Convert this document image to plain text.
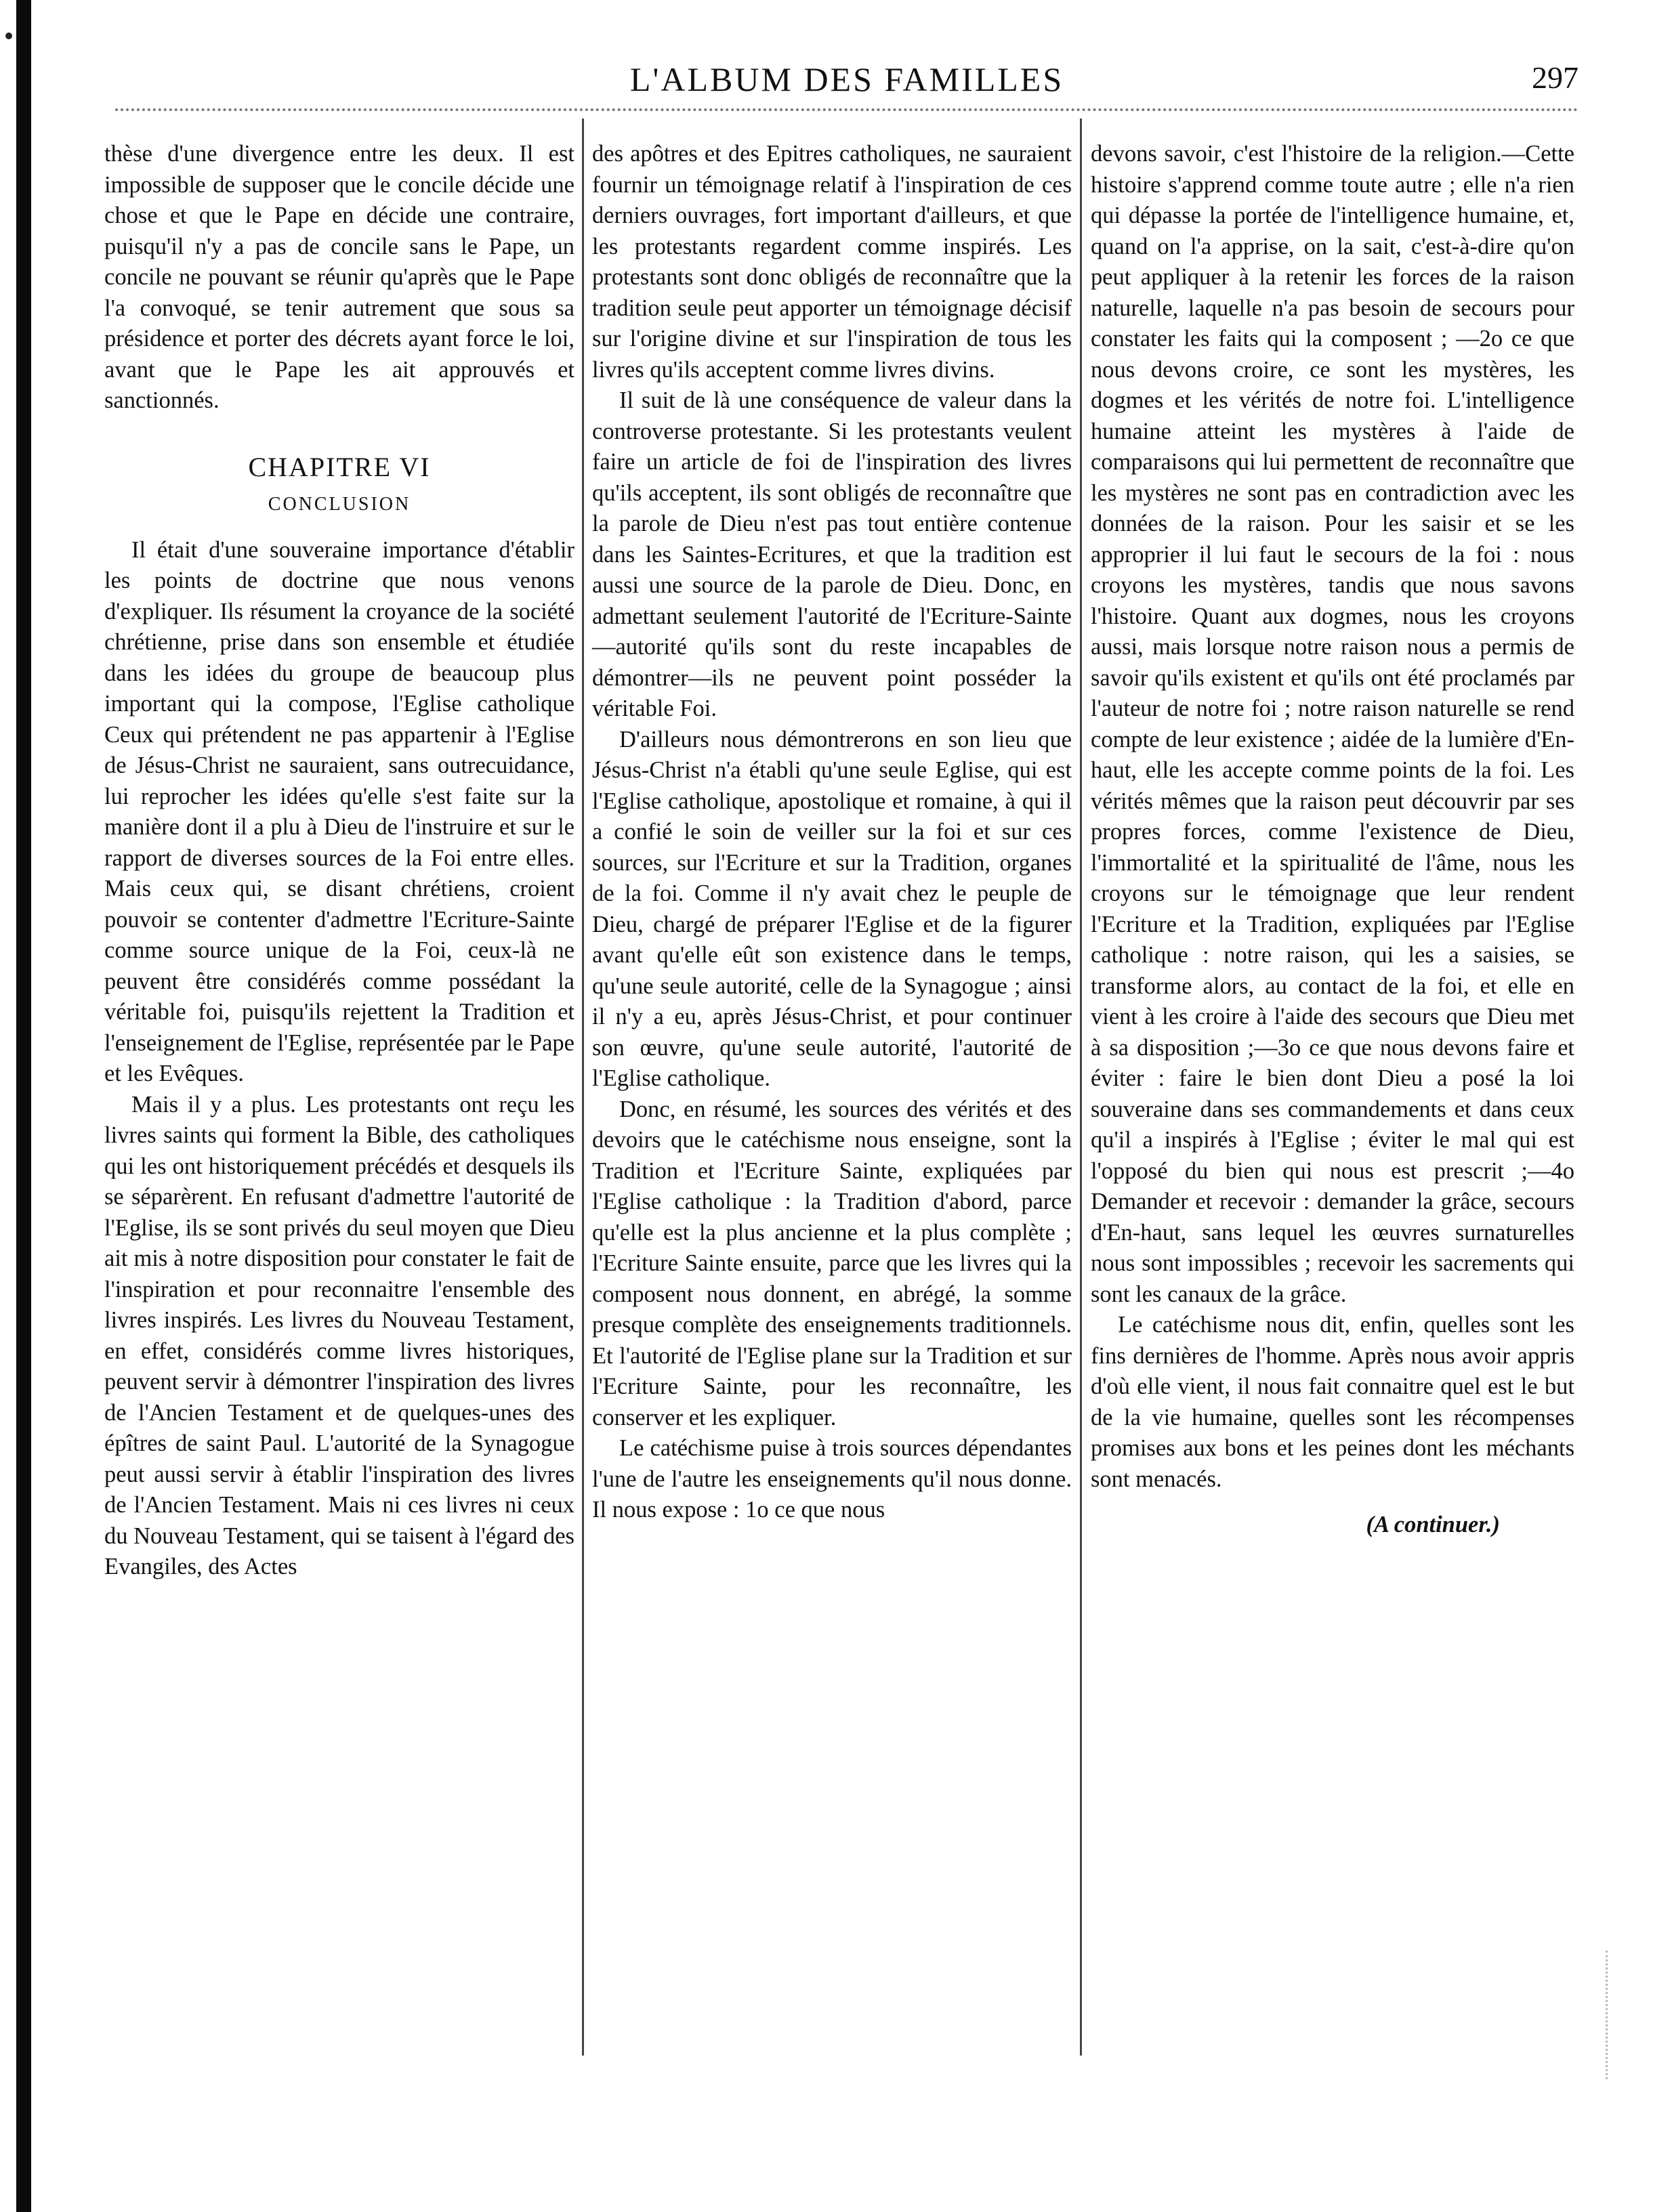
L'ALBUM DES FAMILLES	297

thèse d'une divergence entre les deux. Il est impossible de supposer que le concile décide une chose et que le Pape en décide une contraire, puisqu'il n'y a pas de concile sans le Pape, un concile ne pouvant se réunir qu'après que le Pape l'a convoqué, se tenir autrement que sous sa présidence et porter des décrets ayant force le loi, avant que le Pape les ait approuvés et sanctionnés.

CHAPITRE VI
CONCLUSION

Il était d'une souveraine importance d'établir les points de doctrine que nous venons d'expliquer. Ils résument la croyance de la société chrétienne, prise dans son ensemble et étudiée dans les idées du groupe de beaucoup plus important qui la compose, l'Eglise catholique Ceux qui prétendent ne pas appartenir à l'Eglise de Jésus-Christ ne sauraient, sans outrecuidance, lui reprocher les idées qu'elle s'est faite sur la manière dont il a plu à Dieu de l'instruire et sur le rapport de diverses sources de la Foi entre elles. Mais ceux qui, se disant chrétiens, croient pouvoir se contenter d'admettre l'Ecriture-Sainte comme source unique de la Foi, ceux-là ne peuvent être considérés comme possédant la véritable foi, puisqu'ils rejettent la Tradition et l'enseignement de l'Eglise, représentée par le Pape et les Evêques.

Mais il y a plus. Les protestants ont reçu les livres saints qui forment la Bible, des catholiques qui les ont historiquement précédés et desquels ils se séparèrent. En refusant d'admettre l'autorité de l'Eglise, ils se sont privés du seul moyen que Dieu ait mis à notre disposition pour constater le fait de l'inspiration et pour reconnaitre l'ensemble des livres inspirés. Les livres du Nouveau Testament, en effet, considérés comme livres historiques, peuvent servir à démontrer l'inspiration des livres de l'Ancien Testament et de quelques-unes des épîtres de saint Paul. L'autorité de la Synagogue peut aussi servir à établir l'inspiration des livres de l'Ancien Testament. Mais ni ces livres ni ceux du Nouveau Testament, qui se taisent à l'égard des Evangiles, des Actes

des apôtres et des Epitres catholiques, ne sauraient fournir un témoignage relatif à l'inspiration de ces derniers ouvrages, fort important d'ailleurs, et que les protestants regardent comme inspirés. Les protestants sont donc obligés de reconnaître que la tradition seule peut apporter un témoignage décisif sur l'origine divine et sur l'inspiration de tous les livres qu'ils acceptent comme livres divins.

Il suit de là une conséquence de valeur dans la controverse protestante. Si les protestants veulent faire un article de foi de l'inspiration des livres qu'ils acceptent, ils sont obligés de reconnaître que la parole de Dieu n'est pas tout entière contenue dans les Saintes-Ecritures, et que la tradition est aussi une source de la parole de Dieu. Donc, en admettant seulement l'autorité de l'Ecriture-Sainte—autorité qu'ils sont du reste incapables de démontrer—ils ne peuvent point posséder la véritable Foi.

D'ailleurs nous démontrerons en son lieu que Jésus-Christ n'a établi qu'une seule Eglise, qui est l'Eglise catholique, apostolique et romaine, à qui il a confié le soin de veiller sur la foi et sur ces sources, sur l'Ecriture et sur la Tradition, organes de la foi. Comme il n'y avait chez le peuple de Dieu, chargé de préparer l'Eglise et de la figurer avant qu'elle eût son existence dans le temps, qu'une seule autorité, celle de la Synagogue ; ainsi il n'y a eu, après Jésus-Christ, et pour continuer son œuvre, qu'une seule autorité, l'autorité de l'Eglise catholique.

Donc, en résumé, les sources des vérités et des devoirs que le catéchisme nous enseigne, sont la Tradition et l'Ecriture Sainte, expliquées par l'Eglise catholique : la Tradition d'abord, parce qu'elle est la plus ancienne et la plus complète ; l'Ecriture Sainte ensuite, parce que les livres qui la composent nous donnent, en abrégé, la somme presque complète des enseignements traditionnels. Et l'autorité de l'Eglise plane sur la Tradition et sur l'Ecriture Sainte, pour les reconnaître, les conserver et les expliquer.

Le catéchisme puise à trois sources dépendantes l'une de l'autre les enseignements qu'il nous donne. Il nous expose : 1o ce que nous

devons savoir, c'est l'histoire de la religion.—Cette histoire s'apprend comme toute autre ; elle n'a rien qui dépasse la portée de l'intelligence humaine, et, quand on l'a apprise, on la sait, c'est-à-dire qu'on peut appliquer à la retenir les forces de la raison naturelle, laquelle n'a pas besoin de secours pour constater les faits qui la composent ; —2o ce que nous devons croire, ce sont les mystères, les dogmes et les vérités de notre foi. L'intelligence humaine atteint les mystères à l'aide de comparaisons qui lui permettent de reconnaître que les mystères ne sont pas en contradiction avec les données de la raison. Pour les saisir et se les approprier il lui faut le secours de la foi : nous croyons les mystères, tandis que nous savons l'histoire. Quant aux dogmes, nous les croyons aussi, mais lorsque notre raison nous a permis de savoir qu'ils existent et qu'ils ont été proclamés par l'auteur de notre foi ; notre raison naturelle se rend compte de leur existence ; aidée de la lumière d'En-haut, elle les accepte comme points de la foi. Les vérités mêmes que la raison peut découvrir par ses propres forces, comme l'existence de Dieu, l'immortalité et la spiritualité de l'âme, nous les croyons sur le témoignage que leur rendent l'Ecriture et la Tradition, expliquées par l'Eglise catholique : notre raison, qui les a saisies, se transforme alors, au contact de la foi, et elle en vient à les croire à l'aide des secours que Dieu met à sa disposition ;—3o ce que nous devons faire et éviter : faire le bien dont Dieu a posé la loi souveraine dans ses commandements et dans ceux qu'il a inspirés à l'Eglise ; éviter le mal qui est l'opposé du bien qui nous est prescrit ;—4o Demander et recevoir : demander la grâce, secours d'En-haut, sans lequel les œuvres surnaturelles nous sont impossibles ; recevoir les sacrements qui sont les canaux de la grâce.

Le catéchisme nous dit, enfin, quelles sont les fins dernières de l'homme. Après nous avoir appris d'où elle vient, il nous fait connaitre quel est le but de la vie humaine, quelles sont les récompenses promises aux bons et les peines dont les méchants sont menacés.

(A continuer.)
